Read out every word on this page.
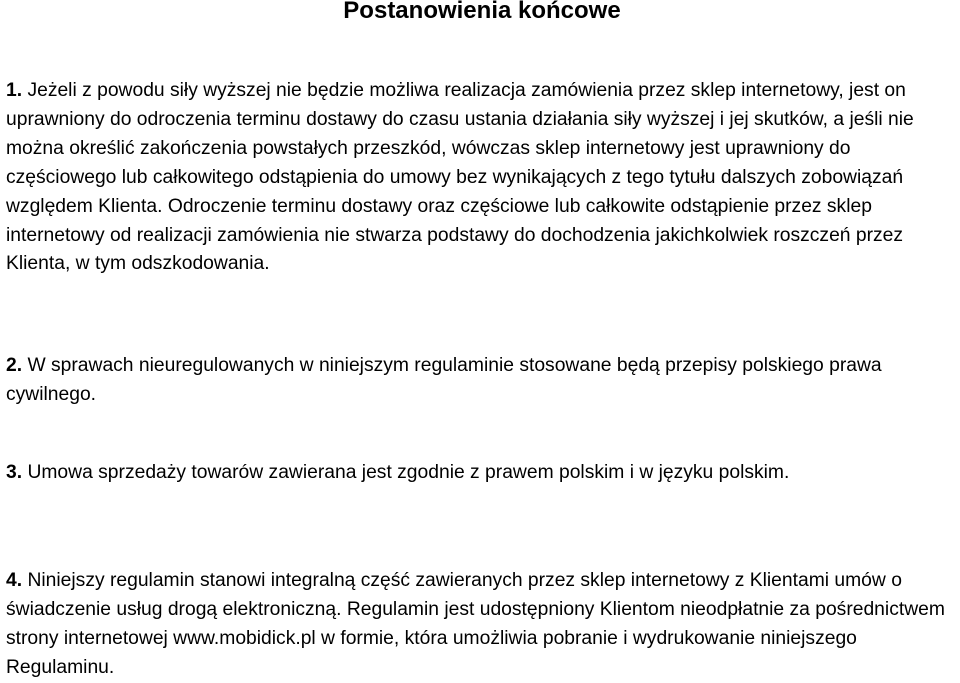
Postanowienia końcowe

1. Jeżeli z powodu siły wyższej nie będzie możliwa realizacja zamówienia przez sklep internetowy, jest on uprawniony do odroczenia terminu dostawy do czasu ustania działania siły wyższej i jej skutków, a jeśli nie można określić zakończenia powstałych przeszkód, wówczas sklep internetowy jest uprawniony do częściowego lub całkowitego odstąpienia do umowy bez wynikających z tego tytułu dalszych zobowiązań względem Klienta. Odroczenie terminu dostawy oraz częściowe lub całkowite odstąpienie przez sklep internetowy od realizacji zamówienia nie stwarza podstawy do dochodzenia jakichkolwiek roszczeń przez Klienta, w tym odszkodowania.

2. W sprawach nieuregulowanych w niniejszym regulaminie stosowane będą przepisy polskiego prawa cywilnego.

3. Umowa sprzedaży towarów zawierana jest zgodnie z prawem polskim i w języku polskim.

4. Niniejszy regulamin stanowi integralną część zawieranych przez sklep internetowy z Klientami umów o świadczenie usług drogą elektroniczną. Regulamin jest udostępniony Klientom nieodpłatnie za pośrednictwem strony internetowej www.mobidick.pl w formie, która umożliwia pobranie i wydrukowanie niniejszego Regulaminu.
